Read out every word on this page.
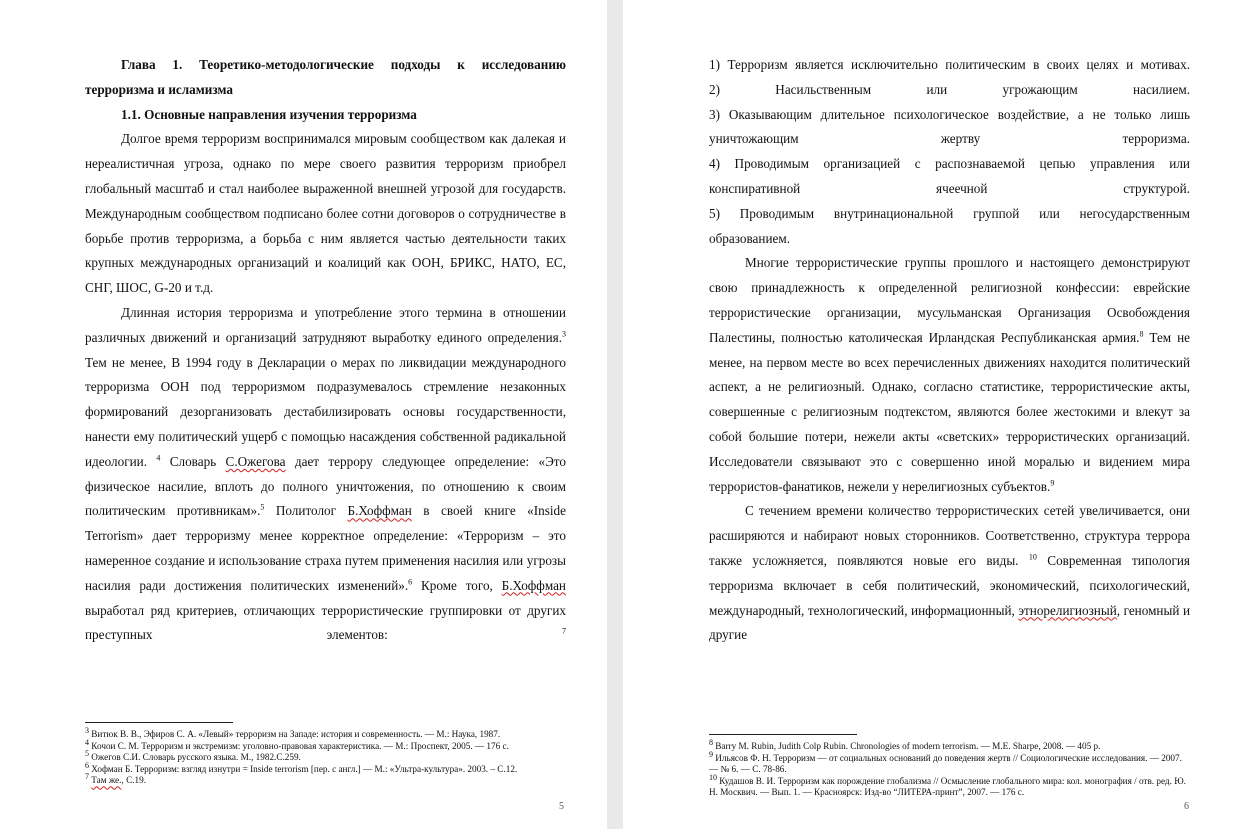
Глава 1. Теоретико-методологические подходы к исследованию терроризма и исламизма

1.1. Основные направления изучения терроризма

Долгое время терроризм воспринимался мировым сообществом как далекая и нереалистичная угроза, однако по мере своего развития терроризм приобрел глобальный масштаб и стал наиболее выраженной внешней угрозой для государств. Международным сообществом подписано более сотни договоров о сотрудничестве в борьбе против терроризма, а борьба с ним является частью деятельности таких крупных международных организаций и коалиций как ООН, БРИКС, НАТО, ЕС, СНГ, ШОС, G-20 и т.д.

Длинная история терроризма и употребление этого термина в отношении различных движений и организаций затрудняют выработку единого определения.$^3$ Тем не менее, В 1994 году в Декларации о мерах по ликвидации международного терроризма ООН под терроризмом подразумевалось стремление незаконных формирований дезорганизовать дестабилизировать основы государственности, нанести ему политический ущерб с помощью насаждения собственной радикальной идеологии. $^4$ Словарь С.Ожегова дает террору следующее определение: «Это физическое насилие, вплоть до полного уничтожения, по отношению к своим политическим противникам».$^5$ Политолог Б.Хоффман в своей книге «Inside Terrorism» дает терроризму менее корректное определение: «Терроризм – это намеренное создание и использование страха путем применения насилия или угрозы насилия ради достижения политических изменений».$^6$ Кроме того, Б.Хоффман выработал ряд критериев, отличающих террористические группировки от других преступных элементов: $^7$

$^3$ Витюк В. В., Эфиров С. А. «Левый» терроризм на Западе: история и современность. — М.: Наука, 1987.

$^4$ Кочои С. М. Терроризм и экстремизм: уголовно-правовая характеристика. — М.: Проспект, 2005. — 176 с.

$^5$ Ожегов С.И. Словарь русского языка. М., 1982.С.259.

$^6$ Хофман Б. Терроризм: взгляд изнутри = Inside terrorism [пер. с англ.] — М.: «Ультра-культура». 2003. – С.12.

$^7$ Там же., С.19.

5

1) Терроризм является исключительно политическим в своих целях и мотивах.

2) Насильственным или угрожающим насилием.

3) Оказывающим длительное психологическое воздействие, а не только лишь уничтожающим жертву терроризма.

4) Проводимым организацией с распознаваемой цепью управления или конспиративной ячеечной структурой.

5) Проводимым внутринациональной группой или негосударственным образованием.

Многие террористические группы прошлого и настоящего демонстрируют свою принадлежность к определенной религиозной конфессии: еврейские террористические организации, мусульманская Организация Освобождения Палестины, полностью католическая Ирландская Республиканская армия.$^8$ Тем не менее, на первом месте во всех перечисленных движениях находится политический аспект, а не религиозный. Однако, согласно статистике, террористические акты, совершенные с религиозным подтекстом, являются более жестокими и влекут за собой большие потери, нежели акты «светских» террористических организаций. Исследователи связывают это с совершенно иной моралью и видением мира террористов-фанатиков, нежели у нерелигиозных субъектов.$^9$

С течением времени количество террористических сетей увеличивается, они расширяются и набирают новых сторонников. Соответственно, структура террора также усложняется, появляются новые его виды. $^{10}$ Современная типология терроризма включает в себя политический, экономический, психологический, международный, технологический, информационный, этнорелигиозный, геномный и другие

$^8$ Barry M. Rubin, Judith Colp Rubin. Chronologies of modern terrorism. — M.E. Sharpe, 2008. — 405 p.

$^9$ Ильясов Ф. Н. Терроризм — от социальных оснований до поведения жертв // Социологические исследования. — 2007. — № 6. — С. 78-86.

$^{10}$ Кудашов В. И. Терроризм как порождение глобализма // Осмысление глобального мира: кол. монография / отв. ред. Ю. Н. Москвич. — Вып. 1. — Красноярск: Изд-во “ЛИТЕРА-принт”, 2007. — 176 с.

6
